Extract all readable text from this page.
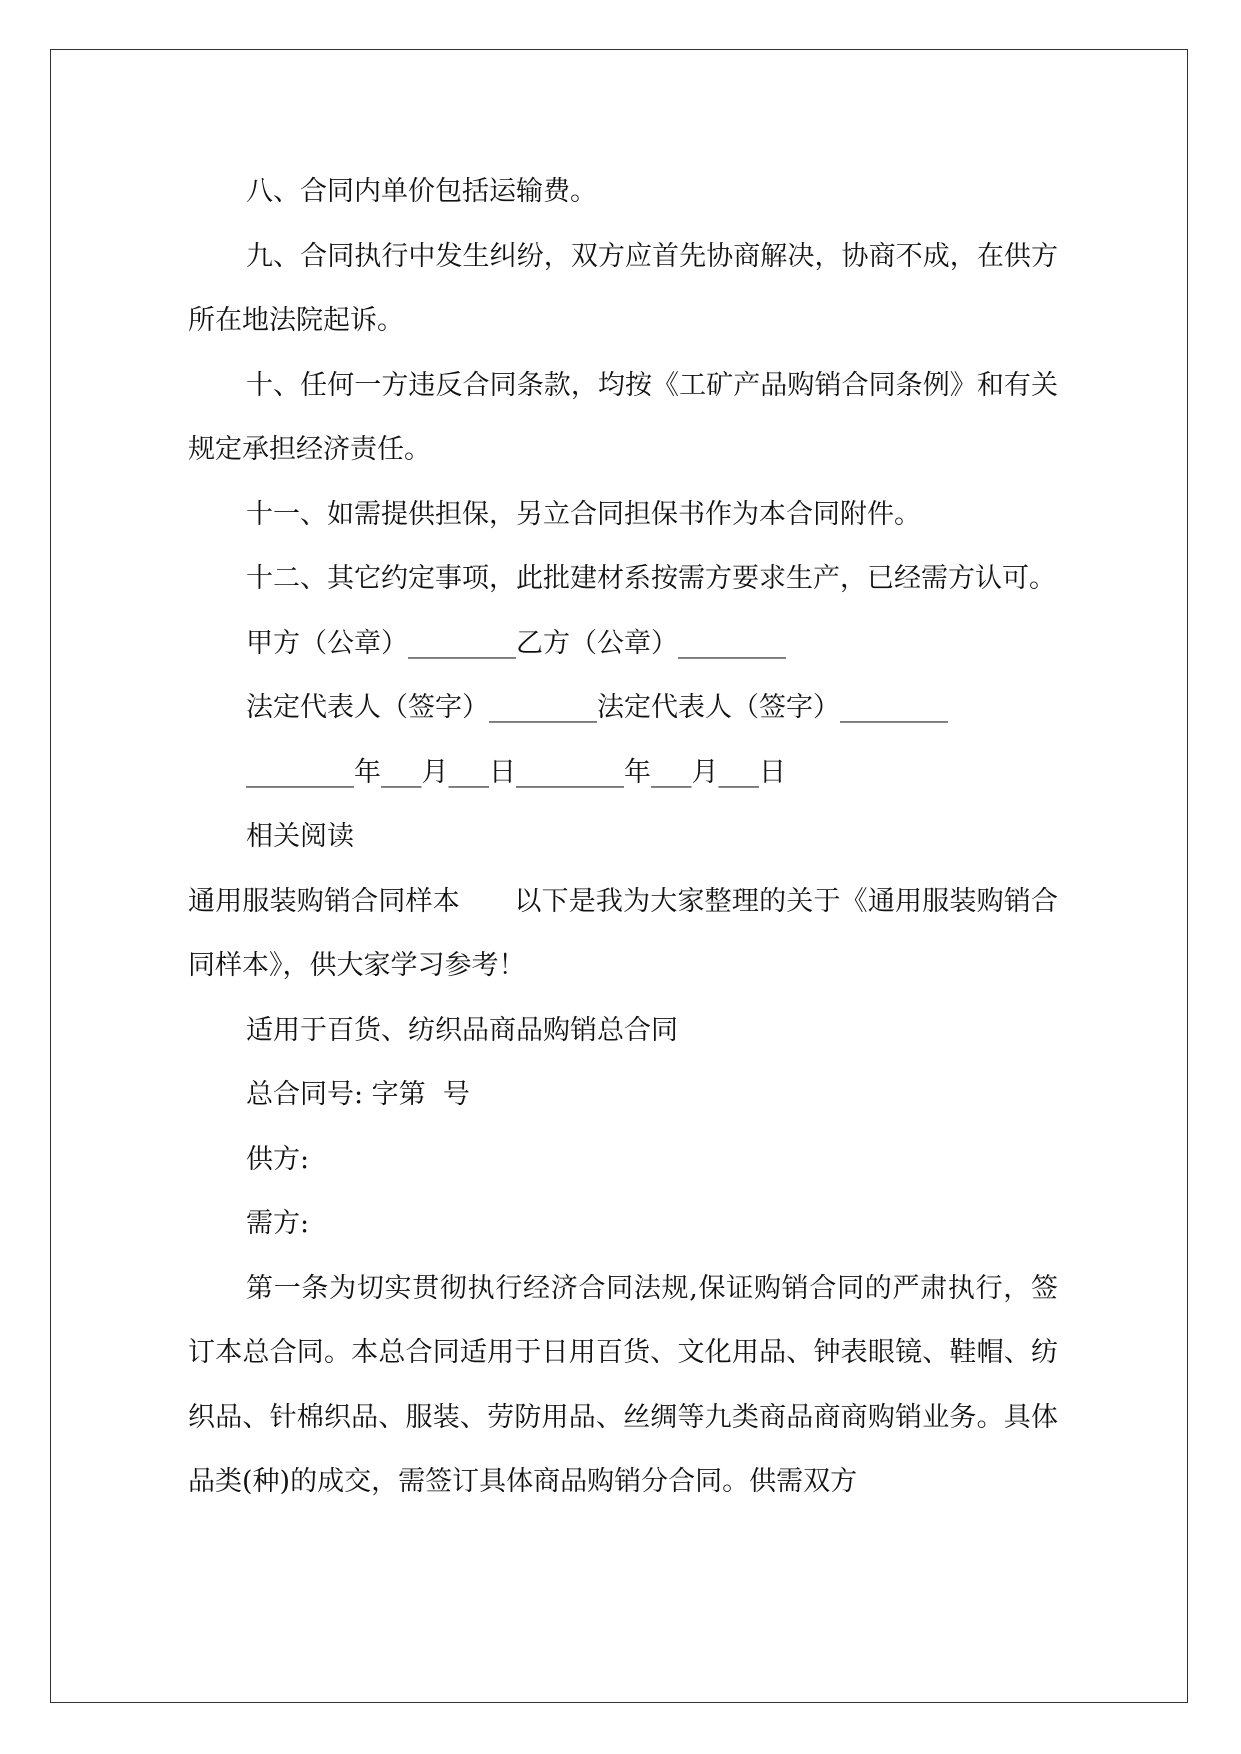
八、合同内单价包括运输费。

九、合同执行中发生纠纷，双方应首先协商解决，协商不成，在供方所在地法院起诉。

十、任何一方违反合同条款，均按《工矿产品购销合同条例》和有关规定承担经济责任。

十一、如需提供担保，另立合同担保书作为本合同附件。

十二、其它约定事项，此批建材系按需方要求生产，已经需方认可。

甲方（公章）________乙方（公章）________

法定代表人（签字）________法定代表人（签字）________

________年___月___日________年___月___日

相关阅读

通用服装购销合同样本　　以下是我为大家整理的关于《通用服装购销合同样本》，供大家学习参考！

适用于百货、纺织品商品购销总合同

总合同号: 字第  号

供方:

需方:

第一条为切实贯彻执行经济合同法规,保证购销合同的严肃执行，签订本总合同。本总合同适用于日用百货、文化用品、钟表眼镜、鞋帽、纺织品、针棉织品、服装、劳防用品、丝绸等九类商品商商购销业务。具体品类(种)的成交，需签订具体商品购销分合同。供需双方
